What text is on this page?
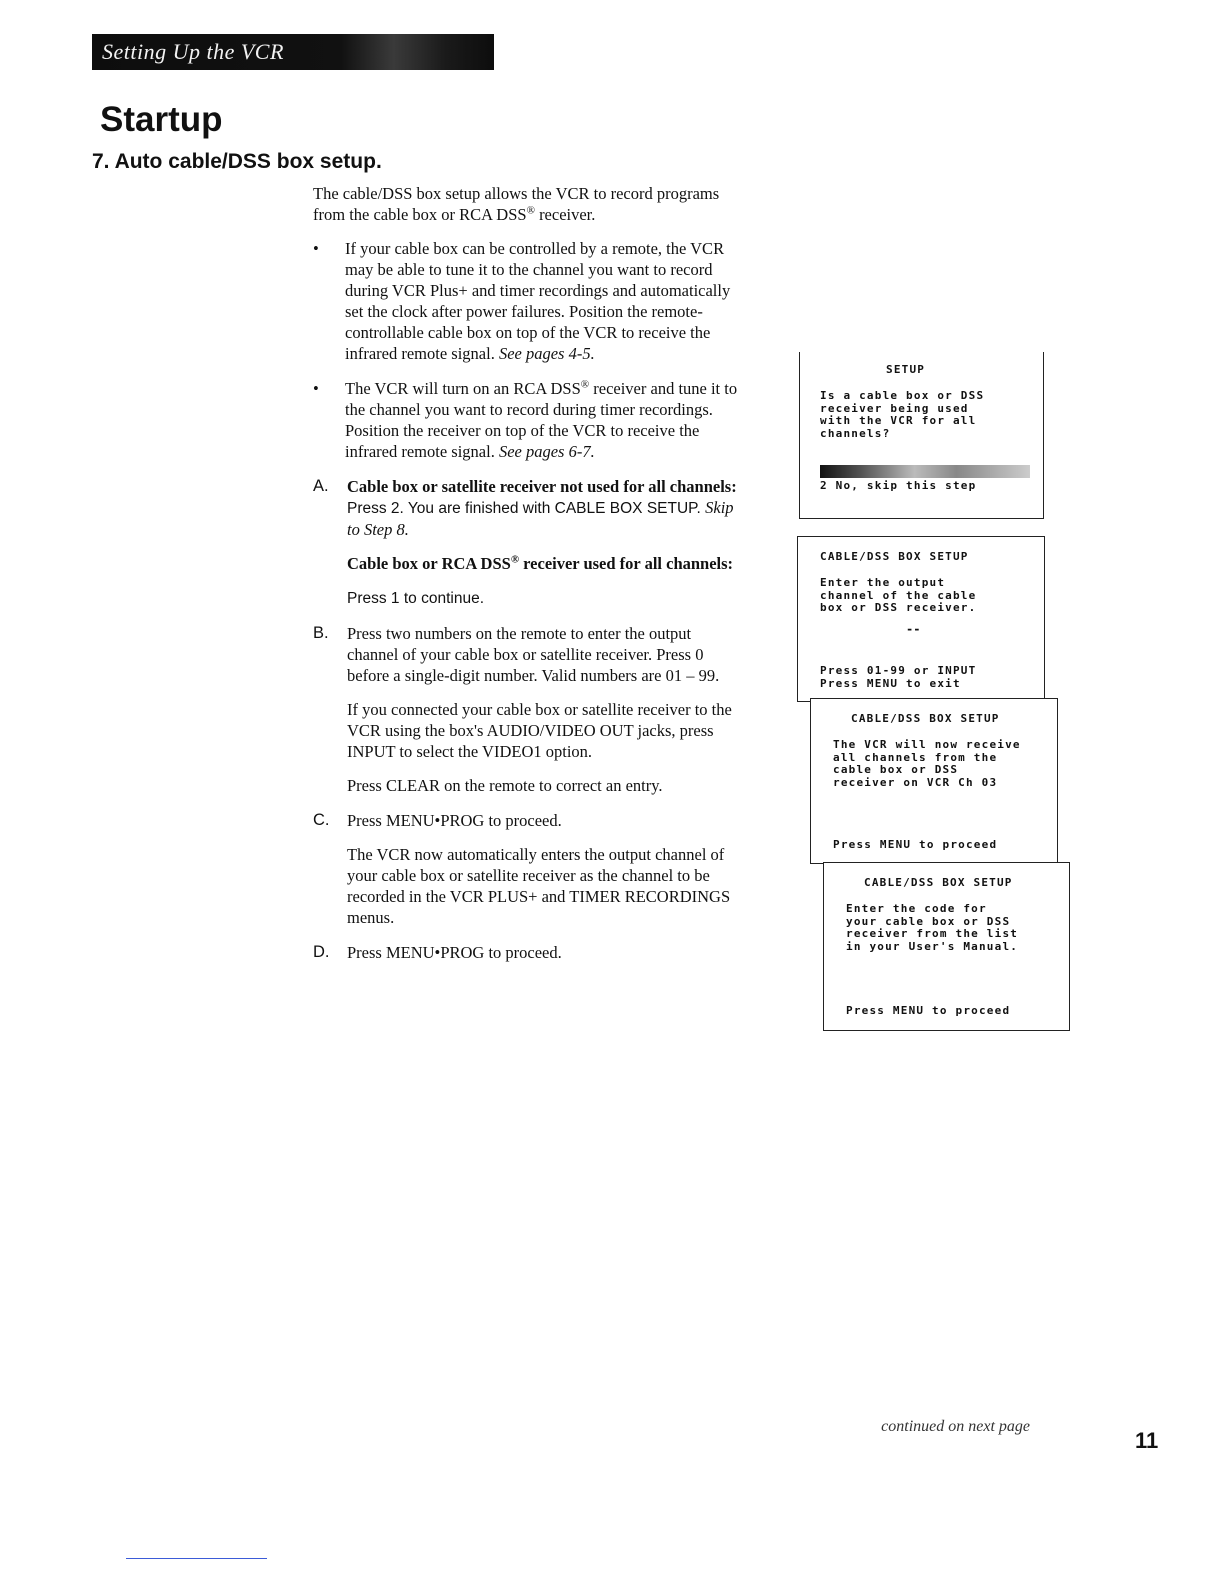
Setting Up the VCR
Startup
7. Auto cable/DSS box setup.

The cable/DSS box setup allows the VCR to record programs from the cable box or RCA DSS® receiver.

• If your cable box can be controlled by a remote, the VCR may be able to tune it to the channel you want to record during VCR Plus+ and timer recordings and automatically set the clock after power failures. Position the remote-controllable cable box on top of the VCR to receive the infrared remote signal. See pages 4-5.

• The VCR will turn on an RCA DSS® receiver and tune it to the channel you want to record during timer recordings. Position the receiver on top of the VCR to receive the infrared remote signal. See pages 6-7.

A. Cable box or satellite receiver not used for all channels:

Press 2. You are finished with CABLE BOX SETUP. Skip to Step 8.

Cable box or RCA DSS® receiver used for all channels:

Press 1 to continue.

B. Press two numbers on the remote to enter the output channel of your cable box or satellite receiver. Press 0 before a single-digit number. Valid numbers are 01 – 99.

If you connected your cable box or satellite receiver to the VCR using the box's AUDIO/VIDEO OUT jacks, press INPUT to select the VIDEO1 option.

Press CLEAR on the remote to correct an entry.

C. Press MENU•PROG to proceed.

The VCR now automatically enters the output channel of your cable box or satellite receiver as the channel to be recorded in the VCR PLUS+ and TIMER RECORDINGS menus.

D. Press MENU•PROG to proceed.

SETUP
Is a cable box or DSS
receiver being used
with the VCR for all
channels?
2 No, skip this step
CABLE/DSS BOX SETUP
Enter the output
channel of the cable
box or DSS receiver.
--
Press 01-99 or INPUT
Press MENU to exit
CABLE/DSS BOX SETUP
The VCR will now receive
all channels from the
cable box or DSS
receiver on VCR Ch 03
Press MENU to proceed
CABLE/DSS BOX SETUP
Enter the code for
your cable box or DSS
receiver from the list
in your User's Manual.
Press MENU to proceed
continued on next page
11
